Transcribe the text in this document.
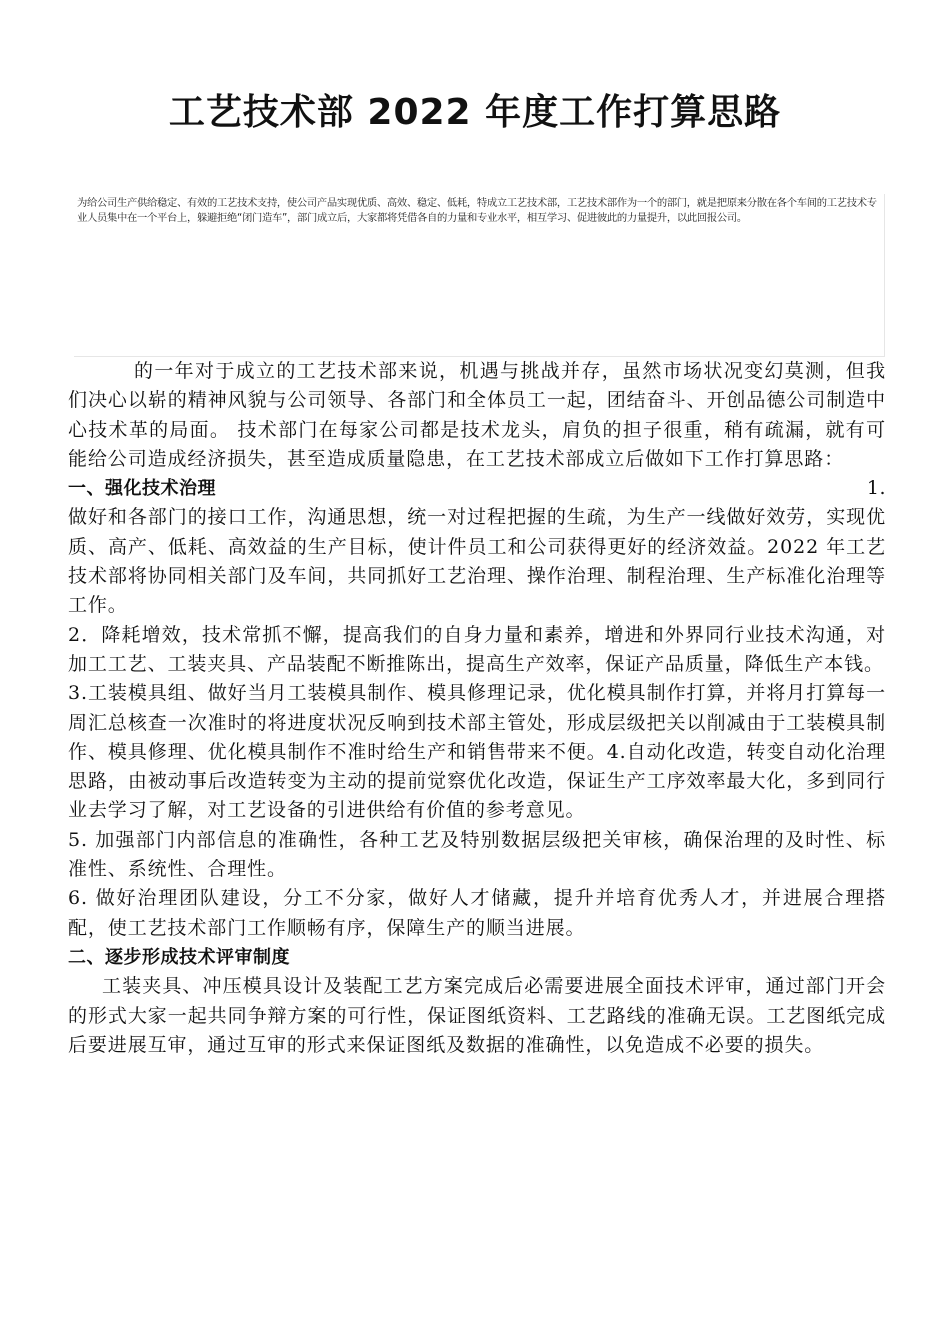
工艺技术部 2022 年度工作打算思路

为给公司生产供给稳定、有效的工艺技术支持，使公司产品实现优质、高效、稳定、低耗，特成立工艺技术部，工艺技术部作为一个的部门，就是把原来分散在各个车间的工艺技术专业人员集中在一个平台上，躲避拒绝“闭门造车”，部门成立后，大家都将凭借各自的力量和专业水平，相互学习、促进彼此的力量提升，以此回报公司。

的一年对于成立的工艺技术部来说，机遇与挑战并存，虽然市场状况变幻莫测，但我们决心以崭的精神风貌与公司领导、各部门和全体员工一起，团结奋斗、开创品德公司制造中心技术革的局面。 技术部门在每家公司都是技术龙头，肩负的担子很重，稍有疏漏，就有可能给公司造成经济损失，甚至造成质量隐患，在工艺技术部成立后做如下工作打算思路：

一、强化技术治理	1.

做好和各部门的接口工作，沟通思想，统一对过程把握的生疏，为生产一线做好效劳，实现优质、高产、低耗、高效益的生产目标，使计件员工和公司获得更好的经济效益。2022 年工艺技术部将协同相关部门及车间，共同抓好工艺治理、操作治理、制程治理、生产标准化治理等工作。

2．降耗增效，技术常抓不懈，提高我们的自身力量和素养，增进和外界同行业技术沟通，对加工工艺、工装夹具、产品装配不断推陈出，提高生产效率，保证产品质量，降低生产本钱。

3.工装模具组、做好当月工装模具制作、模具修理记录，优化模具制作打算，并将月打算每一周汇总核查一次准时的将进度状况反响到技术部主管处，形成层级把关以削减由于工装模具制作、模具修理、优化模具制作不准时给生产和销售带来不便。4.自动化改造，转变自动化治理思路，由被动事后改造转变为主动的提前觉察优化改造，保证生产工序效率最大化，多到同行业去学习了解，对工艺设备的引进供给有价值的参考意见。

5. 加强部门内部信息的准确性，各种工艺及特别数据层级把关审核，确保治理的及时性、标准性、系统性、合理性。

6. 做好治理团队建设，分工不分家，做好人才储藏，提升并培育优秀人才，并进展合理搭配，使工艺技术部门工作顺畅有序，保障生产的顺当进展。

二、逐步形成技术评审制度

工装夹具、冲压模具设计及装配工艺方案完成后必需要进展全面技术评审，通过部门开会的形式大家一起共同争辩方案的可行性，保证图纸资料、工艺路线的准确无误。工艺图纸完成后要进展互审，通过互审的形式来保证图纸及数据的准确性，以免造成不必要的损失。
